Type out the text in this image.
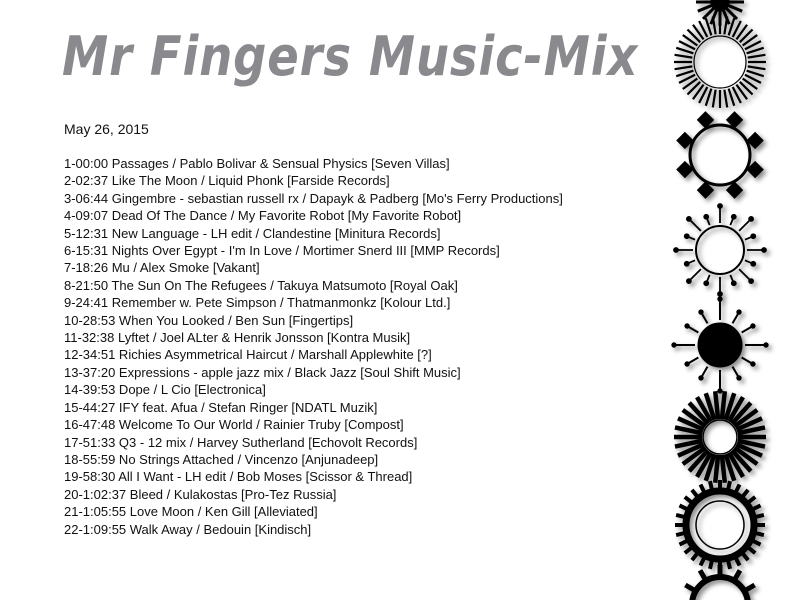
Mr Fingers Music-Mix
May 26, 2015
1-00:00 Passages / Pablo Bolivar & Sensual Physics [Seven Villas]
2-02:37 Like The Moon / Liquid Phonk [Farside Records]
3-06:44 Gingembre - sebastian russell rx / Dapayk & Padberg [Mo's Ferry Productions]
4-09:07 Dead Of The Dance / My Favorite Robot [My Favorite Robot]
5-12:31 New Language - LH edit / Clandestine [Minitura Records]
6-15:31 Nights Over Egypt - I'm In Love / Mortimer Snerd III [MMP Records]
7-18:26 Mu / Alex Smoke [Vakant]
8-21:50 The Sun On The Refugees / Takuya Matsumoto [Royal Oak]
9-24:41 Remember w. Pete Simpson / Thatmanmonkz [Kolour Ltd.]
10-28:53 When You Looked / Ben Sun [Fingertips]
11-32:38 Lyftet / Joel ALter & Henrik Jonsson [Kontra Musik]
12-34:51 Richies Asymmetrical Haircut / Marshall Applewhite [?]
13-37:20 Expressions - apple jazz mix / Black Jazz [Soul Shift Music]
14-39:53 Dope / L Cio [Electronica]
15-44:27 IFY feat. Afua / Stefan Ringer [NDATL Muzik]
16-47:48 Welcome To Our World / Rainier Truby [Compost]
17-51:33 Q3 - 12 mix / Harvey Sutherland [Echovolt Records]
18-55:59 No Strings Attached / Vincenzo [Anjunadeep]
19-58:30 All I Want - LH edit / Bob Moses [Scissor & Thread]
20-1:02:37 Bleed / Kulakostas [Pro-Tez Russia]
21-1:05:55 Love Moon / Ken Gill [Alleviated]
22-1:09:55 Walk Away / Bedouin [Kindisch]
